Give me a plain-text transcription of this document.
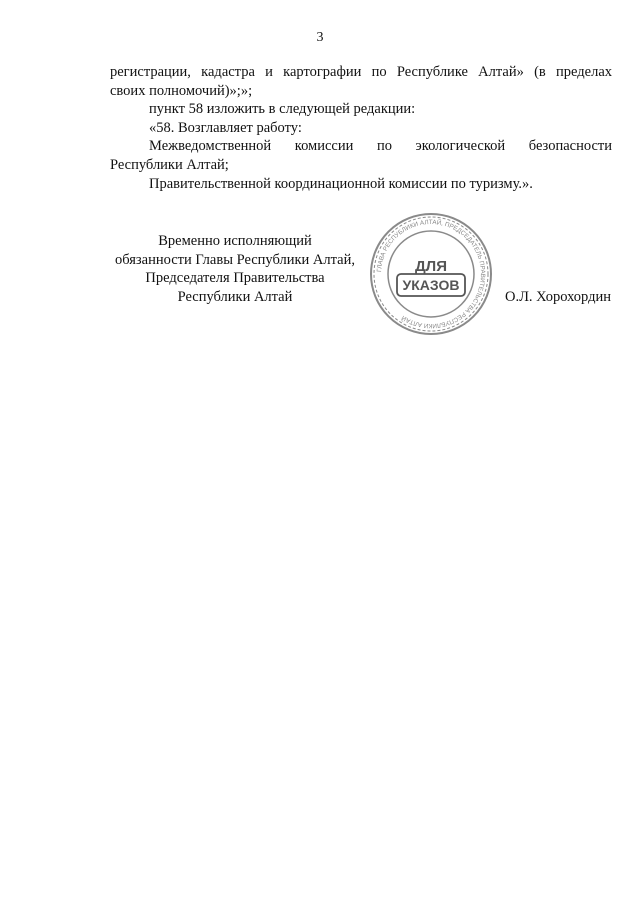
3

регистрации, кадастра и картографии по Республике Алтай» (в пределах

своих полномочий)»;»;

пункт 58 изложить в следующей редакции:

«58. Возглавляет работу:

Межведомственной комиссии по экологической безопасности

Республики Алтай;

Правительственной координационной комиссии по туризму.».

Временно исполняющий
обязанности Главы Республики Алтай,
Председателя Правительства
Республики Алтай	О.Л. Хорохордин
ГЛАВА РЕСПУБЛИКИ АЛТАЙ, ПРЕДСЕДАТЕЛЬ ПРАВИТЕЛЬСТВА РЕСПУБЛИКИ АЛТАЙ
ДЛЯ
УКАЗОВ
